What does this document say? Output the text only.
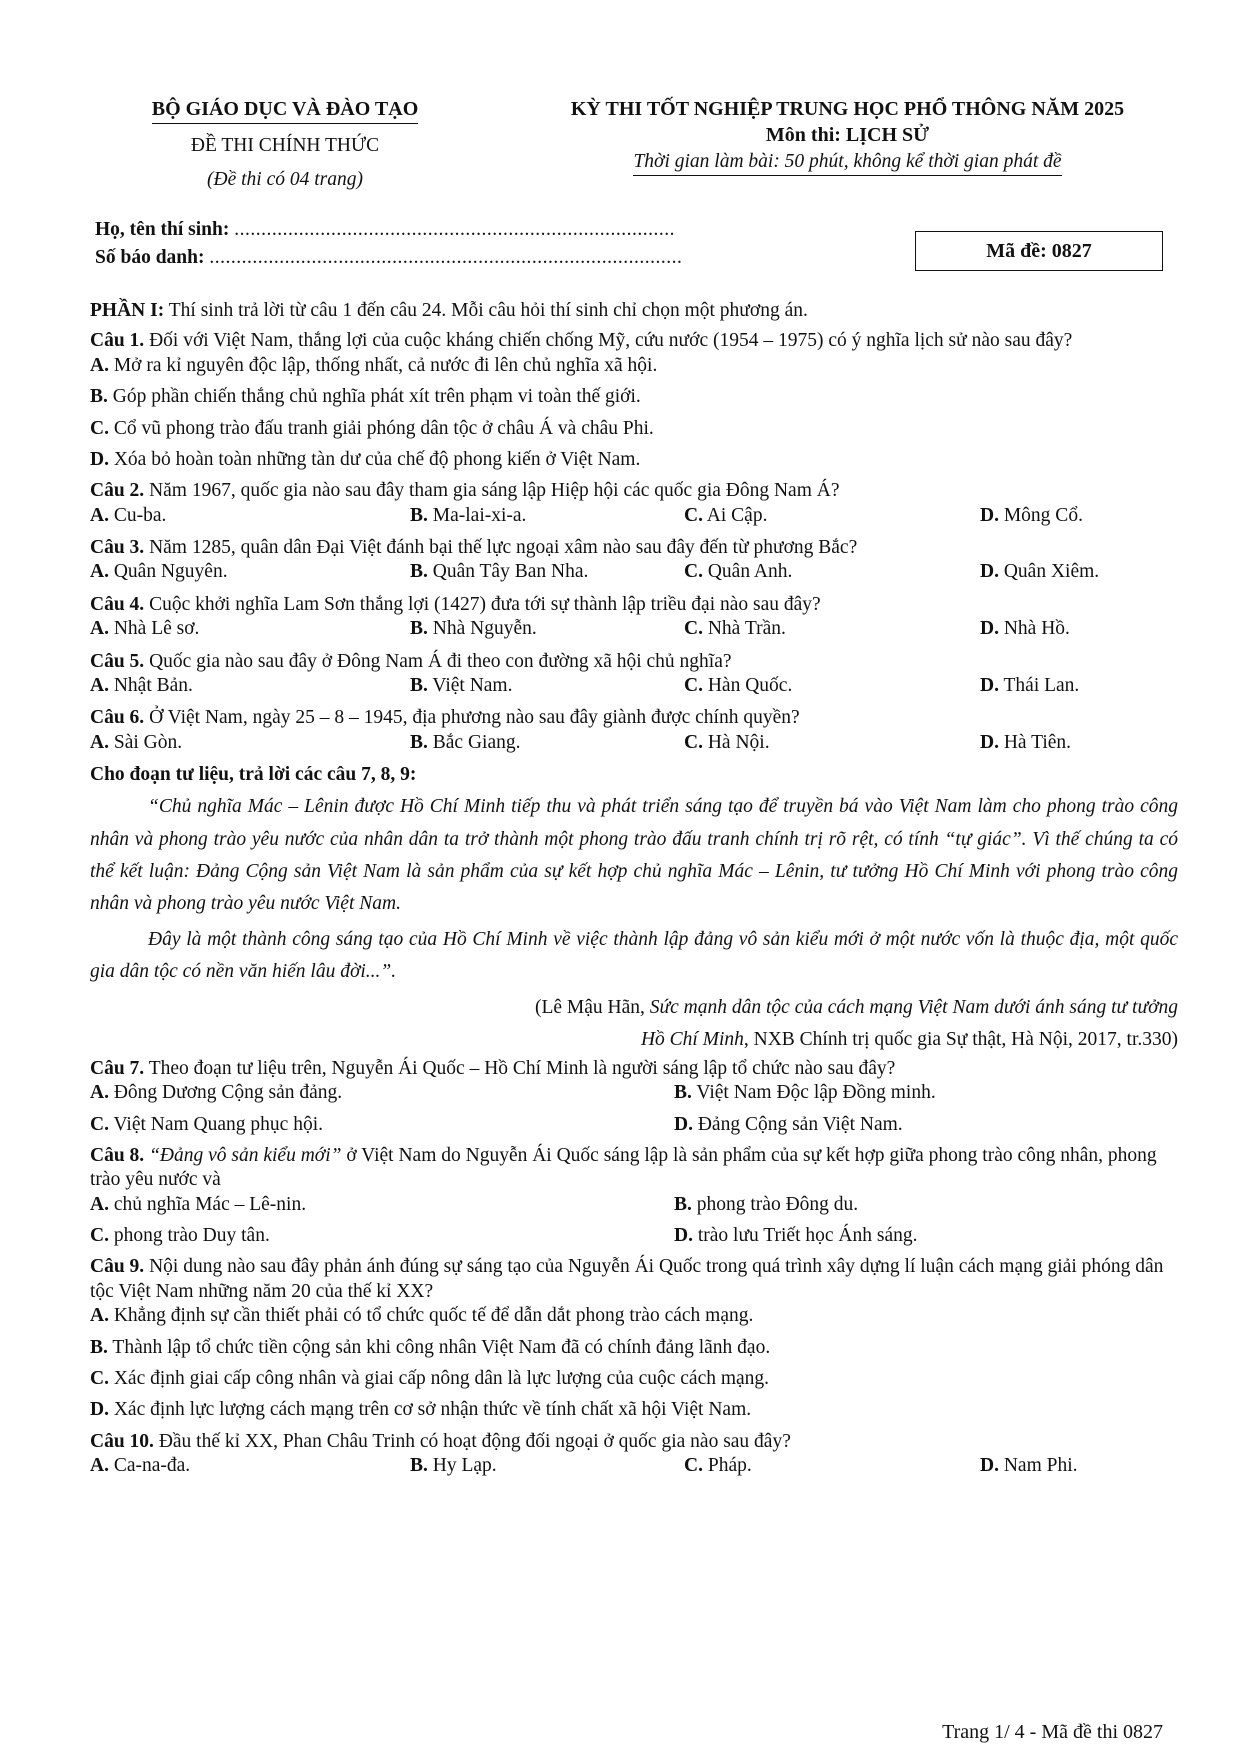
BỘ GIÁO DỤC VÀ ĐÀO TẠO
ĐỀ THI CHÍNH THỨC
(Đề thi có 04 trang)
KỲ THI TỐT NGHIỆP TRUNG HỌC PHỔ THÔNG NĂM 2025
Môn thi: LỊCH SỬ
Thời gian làm bài: 50 phút, không kể thời gian phát đề
Họ, tên thí sinh: ..................................................................................
Số báo danh: ........................................................................................	Mã đề: 0827

PHẦN I: Thí sinh trả lời từ câu 1 đến câu 24. Mỗi câu hỏi thí sinh chỉ chọn một phương án.

Câu 1. Đối với Việt Nam, thắng lợi của cuộc kháng chiến chống Mỹ, cứu nước (1954 – 1975) có ý nghĩa lịch sử nào sau đây?

A. Mở ra kỉ nguyên độc lập, thống nhất, cả nước đi lên chủ nghĩa xã hội.

B. Góp phần chiến thắng chủ nghĩa phát xít trên phạm vi toàn thế giới.

C. Cổ vũ phong trào đấu tranh giải phóng dân tộc ở châu Á và châu Phi.

D. Xóa bỏ hoàn toàn những tàn dư của chế độ phong kiến ở Việt Nam.

Câu 2. Năm 1967, quốc gia nào sau đây tham gia sáng lập Hiệp hội các quốc gia Đông Nam Á?

A. Cu-ba.	B. Ma-lai-xi-a.	C. Ai Cập.	D. Mông Cổ.

Câu 3. Năm 1285, quân dân Đại Việt đánh bại thế lực ngoại xâm nào sau đây đến từ phương Bắc?

A. Quân Nguyên.	B. Quân Tây Ban Nha.	C. Quân Anh.	D. Quân Xiêm.

Câu 4. Cuộc khởi nghĩa Lam Sơn thắng lợi (1427) đưa tới sự thành lập triều đại nào sau đây?

A. Nhà Lê sơ.	B. Nhà Nguyễn.	C. Nhà Trần.	D. Nhà Hồ.

Câu 5. Quốc gia nào sau đây ở Đông Nam Á đi theo con đường xã hội chủ nghĩa?

A. Nhật Bản.	B. Việt Nam.	C. Hàn Quốc.	D. Thái Lan.

Câu 6. Ở Việt Nam, ngày 25 – 8 – 1945, địa phương nào sau đây giành được chính quyền?

A. Sài Gòn.	B. Bắc Giang.	C. Hà Nội.	D. Hà Tiên.

Cho đoạn tư liệu, trả lời các câu 7, 8, 9:

“Chủ nghĩa Mác – Lênin được Hồ Chí Minh tiếp thu và phát triển sáng tạo để truyền bá vào Việt Nam làm cho phong trào công nhân và phong trào yêu nước của nhân dân ta trở thành một phong trào đấu tranh chính trị rõ rệt, có tính “tự giác”. Vì thế chúng ta có thể kết luận: Đảng Cộng sản Việt Nam là sản phẩm của sự kết hợp chủ nghĩa Mác – Lênin, tư tưởng Hồ Chí Minh với phong trào công nhân và phong trào yêu nước Việt Nam.

Đây là một thành công sáng tạo của Hồ Chí Minh về việc thành lập đảng vô sản kiểu mới ở một nước vốn là thuộc địa, một quốc gia dân tộc có nền văn hiến lâu đời...”.

(Lê Mậu Hãn, Sức mạnh dân tộc của cách mạng Việt Nam dưới ánh sáng tư tưởng
Hồ Chí Minh, NXB Chính trị quốc gia Sự thật, Hà Nội, 2017, tr.330)

Câu 7. Theo đoạn tư liệu trên, Nguyễn Ái Quốc – Hồ Chí Minh là người sáng lập tổ chức nào sau đây?

A. Đông Dương Cộng sản đảng.	B. Việt Nam Độc lập Đồng minh.
C. Việt Nam Quang phục hội.	D. Đảng Cộng sản Việt Nam.

Câu 8. “Đảng vô sản kiểu mới” ở Việt Nam do Nguyễn Ái Quốc sáng lập là sản phẩm của sự kết hợp giữa phong trào công nhân, phong trào yêu nước và

A. chủ nghĩa Mác – Lê-nin.	B. phong trào Đông du.
C. phong trào Duy tân.	D. trào lưu Triết học Ánh sáng.

Câu 9. Nội dung nào sau đây phản ánh đúng sự sáng tạo của Nguyễn Ái Quốc trong quá trình xây dựng lí luận cách mạng giải phóng dân tộc Việt Nam những năm 20 của thế kỉ XX?

A. Khẳng định sự cần thiết phải có tổ chức quốc tế để dẫn dắt phong trào cách mạng.

B. Thành lập tổ chức tiền cộng sản khi công nhân Việt Nam đã có chính đảng lãnh đạo.

C. Xác định giai cấp công nhân và giai cấp nông dân là lực lượng của cuộc cách mạng.

D. Xác định lực lượng cách mạng trên cơ sở nhận thức về tính chất xã hội Việt Nam.

Câu 10. Đầu thế kỉ XX, Phan Châu Trinh có hoạt động đối ngoại ở quốc gia nào sau đây?

A. Ca-na-đa.	B. Hy Lạp.	C. Pháp.	D. Nam Phi.
Trang 1/ 4 - Mã đề thi 0827
